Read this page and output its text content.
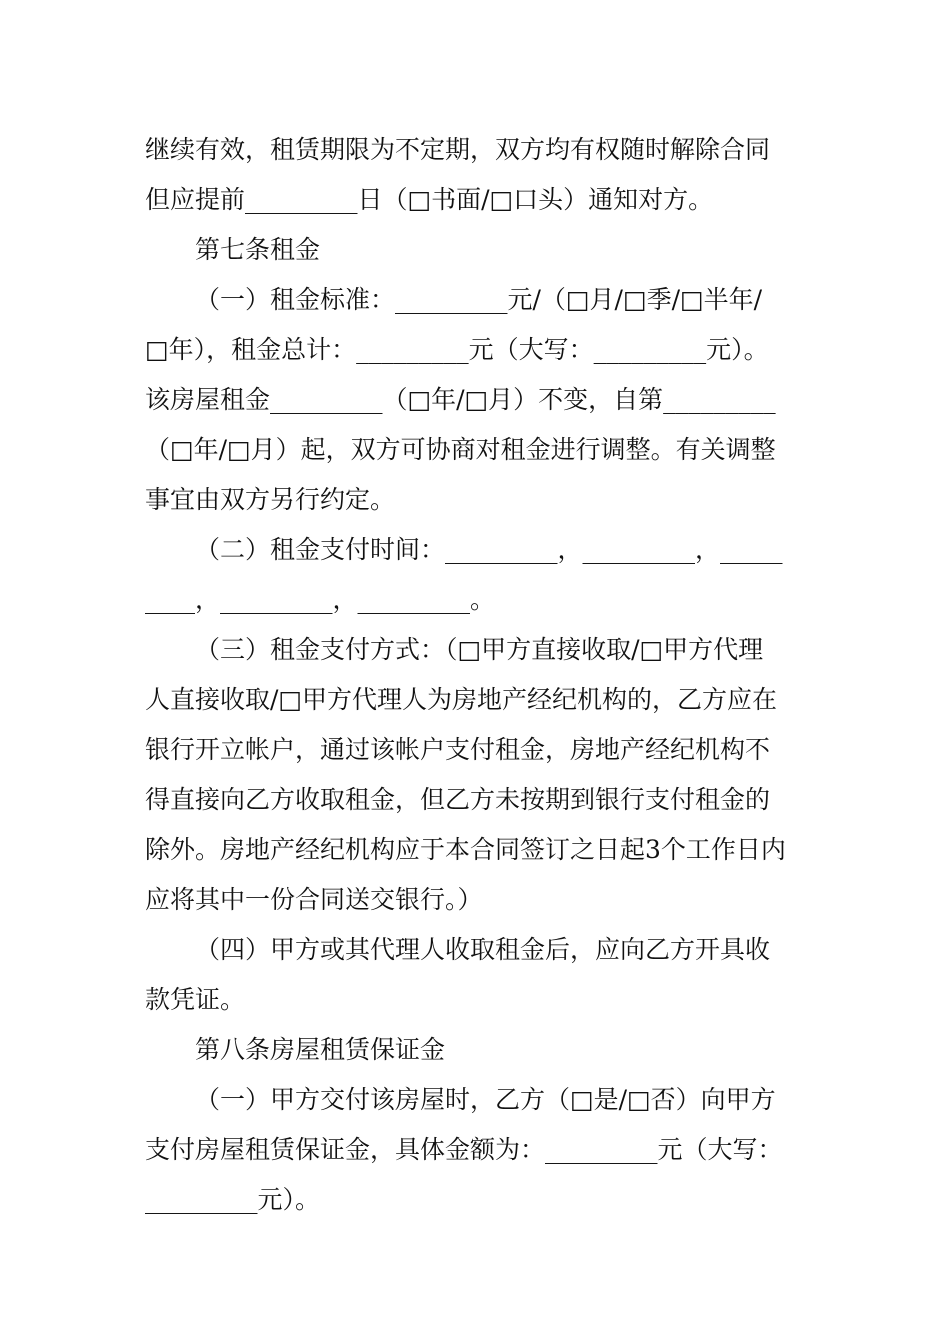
继续有效，租赁期限为不定期，双方均有权随时解除合同
但应提前_________日（□书面/□口头）通知对方。
第七条租金
（一）租金标准：_________元/（□月/□季/□半年/
□年），租金总计：_________元（大写：_________元）。
该房屋租金_________（□年/□月）不变，自第_________
（□年/□月）起，双方可协商对租金进行调整。有关调整
事宜由双方另行约定。
（二）租金支付时间：_________，_________，_____
____，_________，_________。
（三）租金支付方式：（□甲方直接收取/□甲方代理
人直接收取/□甲方代理人为房地产经纪机构的，乙方应在
银行开立帐户，通过该帐户支付租金，房地产经纪机构不
得直接向乙方收取租金，但乙方未按期到银行支付租金的
除外。房地产经纪机构应于本合同签订之日起3个工作日内
应将其中一份合同送交银行。）
（四）甲方或其代理人收取租金后，应向乙方开具收
款凭证。
第八条房屋租赁保证金
（一）甲方交付该房屋时，乙方（□是/□否）向甲方
支付房屋租赁保证金，具体金额为：_________元（大写：
_________元）。
